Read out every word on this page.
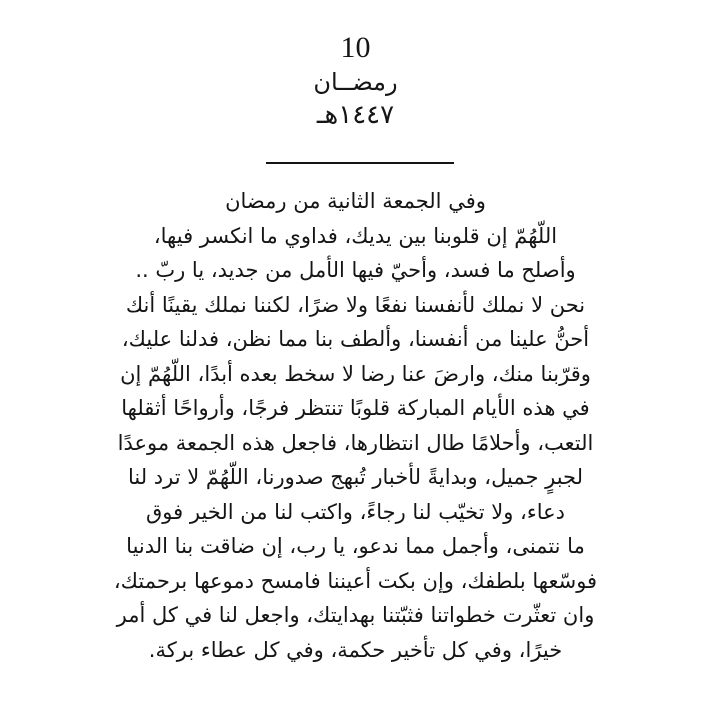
10
رمضــان
١٤٤٧هـ
وفي الجمعة الثانية من رمضان
اللّهُمّ إن قلوبنا بين يديك، فداوي ما انكسر فيها،
وأصلح ما فسد، وأحيّ فيها الأمل من جديد، يا ربّ ..
نحن لا نملك لأنفسنا نفعًا ولا ضرًا، لكننا نملك يقينًا أنك
أحنُّ علينا من أنفسنا، وألطف بنا مما نظن، فدلنا عليك،
وقرّبنا منك، وارضَ عنا رضا لا سخط بعده أبدًا، اللّهُمّ إن
في هذه الأيام المباركة قلوبًا تنتظر فرجًا، وأرواحًا أثقلها
التعب، وأحلامًا طال انتظارها، فاجعل هذه الجمعة موعدًا
لجبرٍ جميل، وبدايةً لأخبار تُبهج صدورنا، اللّهُمّ لا ترد لنا
دعاء، ولا تخيّب لنا رجاءً، واكتب لنا من الخير فوق
ما نتمنى، وأجمل مما ندعو، يا رب، إن ضاقت بنا الدنيا
فوسّعها بلطفك، وإن بكت أعيننا فامسح دموعها برحمتك،
وان تعثّرت خطواتنا فثبّتنا بهدايتك، واجعل لنا في كل أمر
خيرًا، وفي كل تأخير حكمة، وفي كل عطاء بركة.
